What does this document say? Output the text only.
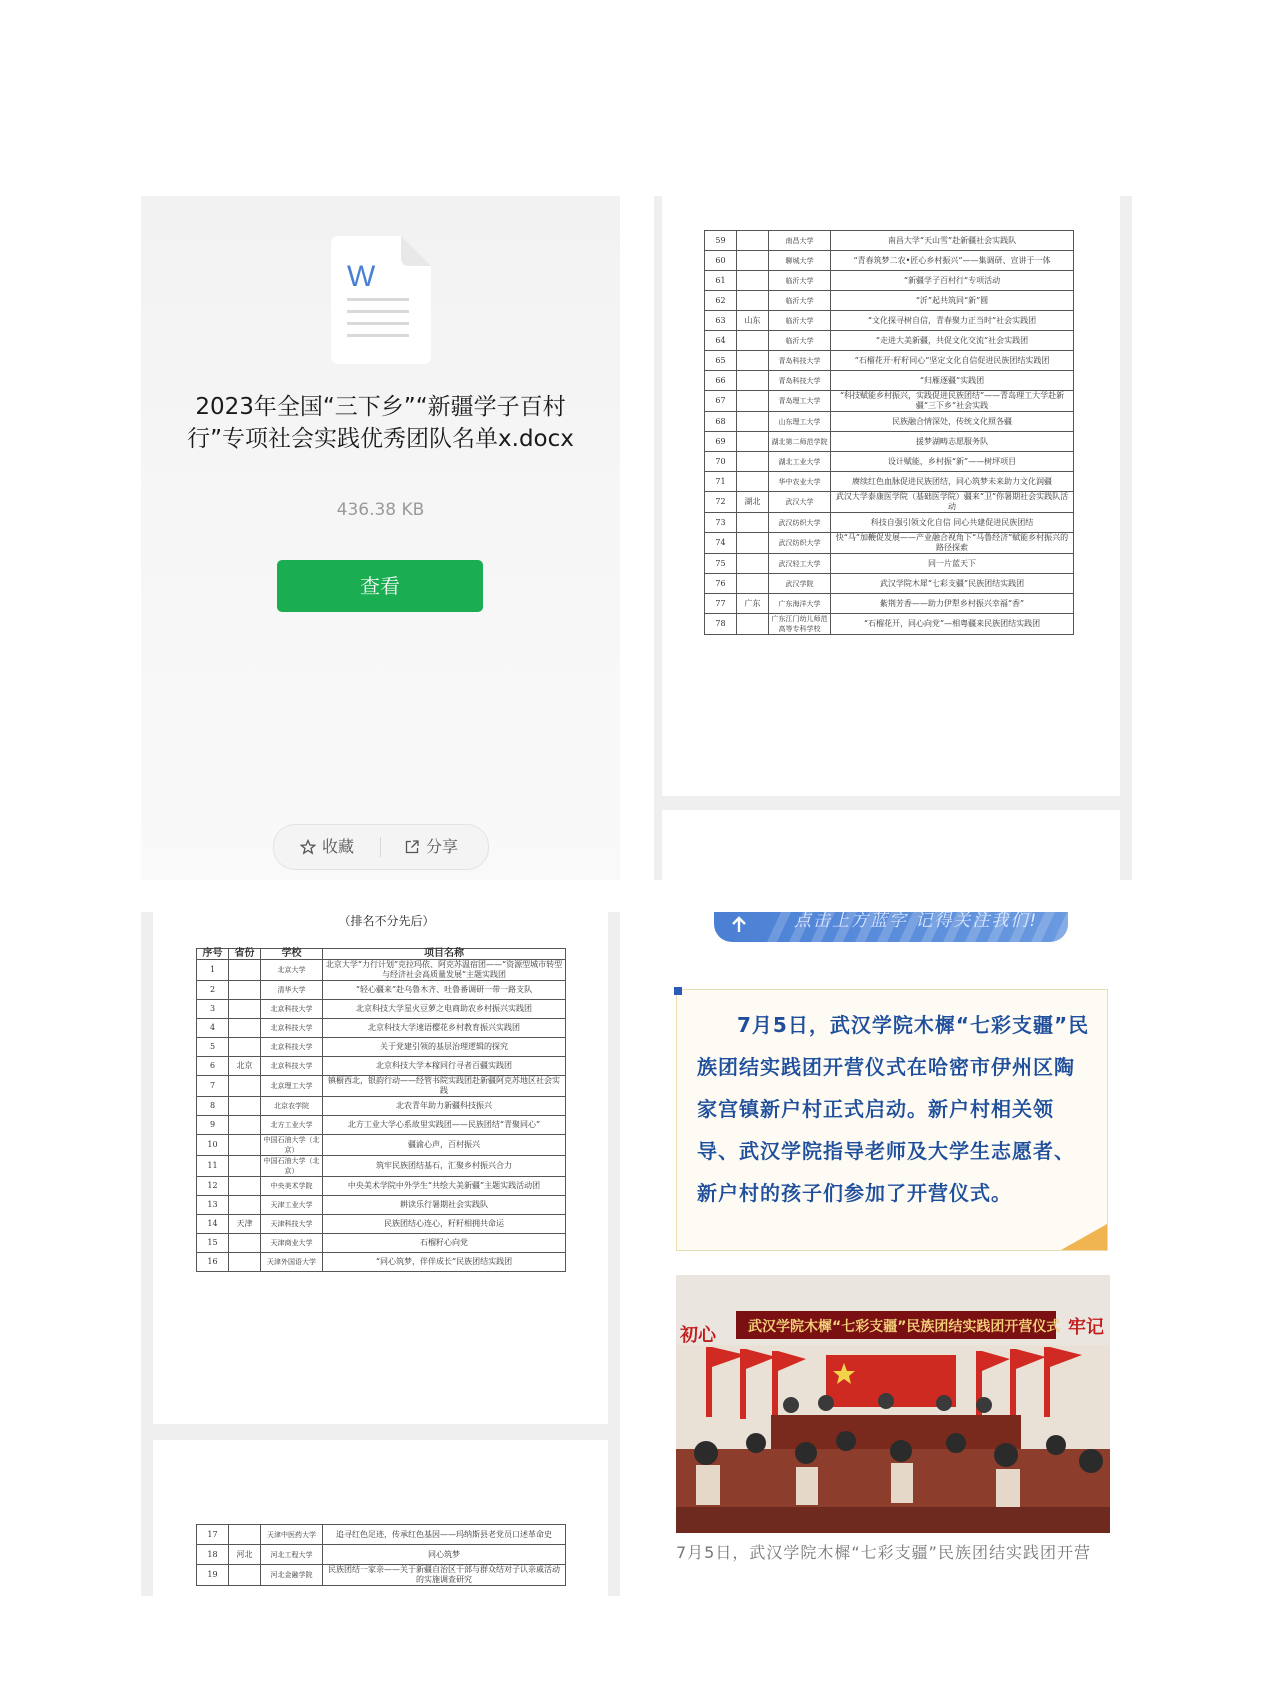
W
2023年全国“三下乡”“新疆学子百村行”专项社会实践优秀团队名单x.docx
436.38 KB
查看
收藏	分享
59		南昌大学	南昌大学“天山雪”赴新疆社会实践队
60		聊城大学	“青春筑梦二农•匠心乡村振兴”——集调研、宣讲于一体
61		临沂大学	“新疆学子百村行”专项活动
62		临沂大学	“沂”起共筑同“新”圆
63	山东	临沂大学	“文化探寻树自信，青春聚力正当时”社会实践团
64		临沂大学	“走进大美新疆，共促文化交流”社会实践团
65		青岛科技大学	“石榴花开·籽籽同心”坚定文化自信促进民族团结实践团
66		青岛科技大学	“归雁逐疆”实践团
67		青岛理工大学	“科技赋能乡村振兴，实践促进民族团结”——青岛理工大学赴新疆“三下乡”社会实践
68		山东理工大学	民族融合情深处，传统文化照各疆
69		湖北第二师范学院	援梦湖畴志愿服务队
70		湖北工业大学	设计赋能，乡村振“新”——树坪项目
71		华中农业大学	赓续红色血脉促进民族团结，同心筑梦未来助力文化润疆
72	湖北	武汉大学	武汉大学泰康医学院（基础医学院）疆来“卫”你暑期社会实践队活动
73		武汉纺织大学	科技自强引领文化自信 同心共建促进民族团结
74		武汉纺织大学	快“马”加鞭促发展——产业融合视角下“马鲁经济”赋能乡村振兴的路径探索
75		武汉轻工大学	同一片蓝天下
76		武汉学院	武汉学院木犀“七彩支疆”民族团结实践团
77	广东	广东海洋大学	紫荆芳香——助力伊犁乡村振兴幸福“香”
78		广东江门幼儿师范高等专科学校	“石榴花开，同心向党”—相粤疆来民族团结实践团
（排名不分先后）
序号	省份	学校	项目名称
1		北京大学	北京大学“力行计划”克拉玛依、阿克苏温宿团——“资源型城市转型与经济社会高质量发展”主题实践团
2		清华大学	“轻心疆来”赴乌鲁木齐、吐鲁番调研一带一路支队
3		北京科技大学	北京科技大学星火豆萝之电商助农乡村振兴实践团
4		北京科技大学	北京科技大学速语樱花乡村教育振兴实践团
5		北京科技大学	关于党建引领的基层治理逻辑的探究
6	北京	北京科技大学	北京科技大学本稼同行寻者百疆实践团
7		北京理工大学	镇橱西北，银韵行动——经管书院实践团赴新疆阿克苏地区社会实践
8		北京农学院	北农青年助力新疆科技振兴
9		北方工业大学	北方工业大学心系故里实践团——民族团结“青聚同心”
10		中国石油大学（北京）	疆渝心声，百村振兴
11		中国石油大学（北京）	筑牢民族团结基石，汇聚乡村振兴合力
12		中央美术学院	中央美术学院中外学生“共绘大美新疆”主题实践活动团
13		天津工业大学	耕读乐行暑期社会实践队
14	天津	天津科技大学	民族团结心连心，籽籽相拥共命运
15		天津商业大学	石榴籽心向党
16		天津外国语大学	“同心筑梦，伴伴成长”民族团结实践团
17		天津中医药大学	追寻红色足迹，传承红色基因——玛纳斯县老党员口述革命史
18	河北	河北工程大学	同心筑梦
19		河北金融学院	民族团结一家亲——关于新疆自治区干部与群众结对子认亲戚活动的实施调查研究
点击上方蓝字 记得关注我们!
7月5日，武汉学院木樨“七彩支疆”民族团结实践团开营仪式在哈密市伊州区陶家宫镇新户村正式启动。新户村相关领导、武汉学院指导老师及大学生志愿者、新户村的孩子们参加了开营仪式。
武汉学院木樨“七彩支疆”民族团结实践团开营仪式
初心	牢记
7月5日，武汉学院木樨“七彩支疆”民族团结实践团开营
